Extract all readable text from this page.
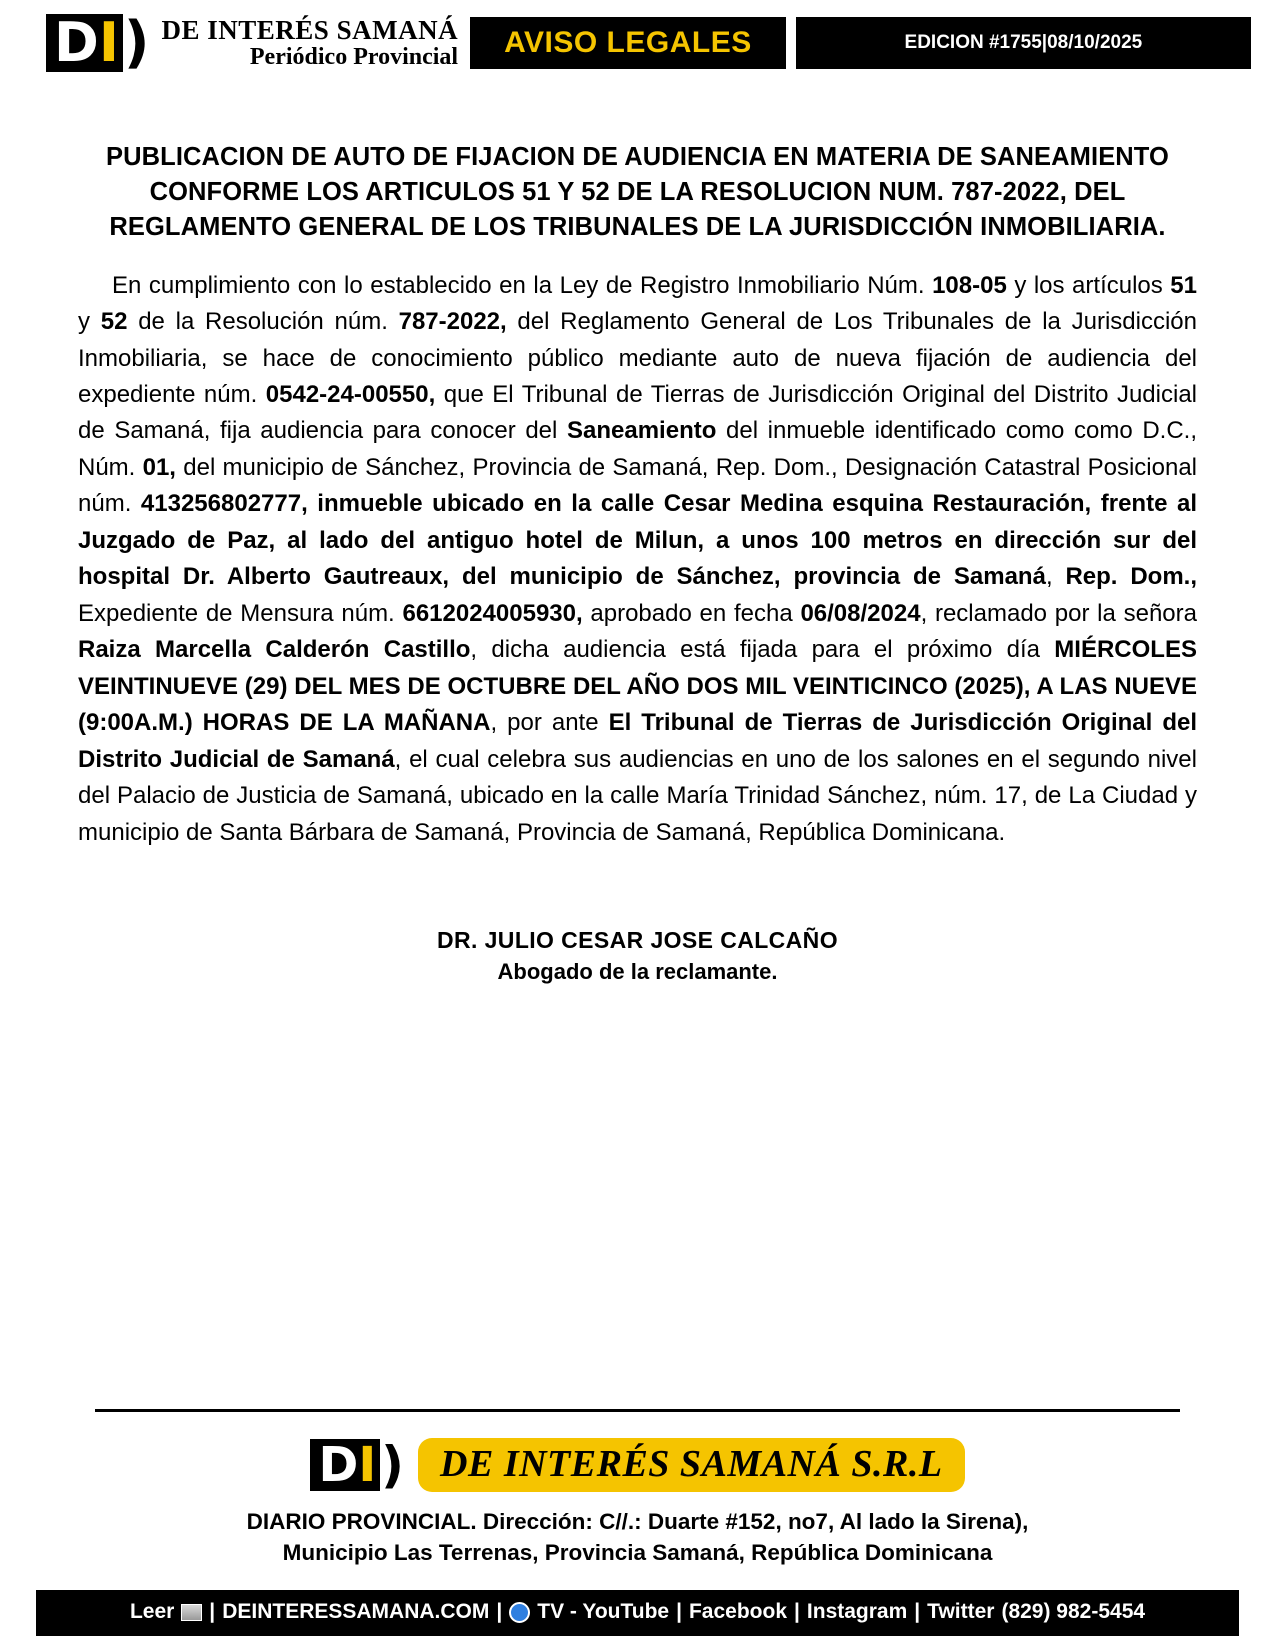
D I ) DE INTERÉS SAMANÁ
Periódico Provincial	AVISO LEGALES	EDICION #1755|08/10/2025
PUBLICACION DE AUTO DE FIJACION DE AUDIENCIA EN MATERIA DE SANEAMIENTO CONFORME LOS ARTICULOS 51 Y 52 DE LA RESOLUCION NUM. 787-2022, DEL REGLAMENTO GENERAL DE LOS TRIBUNALES DE LA JURISDICCIÓN INMOBILIARIA.

En cumplimiento con lo establecido en la Ley de Registro Inmobiliario Núm. 108-05 y los artículos 51 y 52 de la Resolución núm. 787-2022, del Reglamento General de Los Tribunales de la Jurisdicción Inmobiliaria, se hace de conocimiento público mediante auto de nueva fijación de audiencia del expediente núm. 0542-24-00550, que El Tribunal de Tierras de Jurisdicción Original del Distrito Judicial de Samaná, fija audiencia para conocer del Saneamiento del inmueble identificado como como D.C., Núm. 01, del municipio de Sánchez, Provincia de Samaná, Rep. Dom., Designación Catastral Posicional núm. 413256802777, inmueble ubicado en la calle Cesar Medina esquina Restauración, frente al Juzgado de Paz, al lado del antiguo hotel de Milun, a unos 100 metros en dirección sur del hospital Dr. Alberto Gautreaux, del municipio de Sánchez, provincia de Samaná, Rep. Dom., Expediente de Mensura núm. 6612024005930, aprobado en fecha 06/08/2024, reclamado por la señora Raiza Marcella Calderón Castillo, dicha audiencia está fijada para el próximo día MIÉRCOLES VEINTINUEVE (29) DEL MES DE OCTUBRE DEL AÑO DOS MIL VEINTICINCO (2025), A LAS NUEVE (9:00A.M.) HORAS DE LA MAÑANA, por ante El Tribunal de Tierras de Jurisdicción Original del Distrito Judicial de Samaná, el cual celebra sus audiencias en uno de los salones en el segundo nivel del Palacio de Justicia de Samaná, ubicado en la calle María Trinidad Sánchez, núm. 17, de La Ciudad y municipio de Santa Bárbara de Samaná, Provincia de Samaná, República Dominicana.

DR. JULIO CESAR JOSE CALCAÑO
Abogado de la reclamante.
D I )	DE INTERÉS SAMANÁ S.R.L
DIARIO PROVINCIAL. Dirección: C//.: Duarte #152, no7, Al lado la Sirena),
Municipio Las Terrenas, Provincia Samaná, República Dominicana
Leer | DEINTERESSAMANA.COM | TV - YouTube | Facebook | Instagram | Twitter (829) 982-5454
